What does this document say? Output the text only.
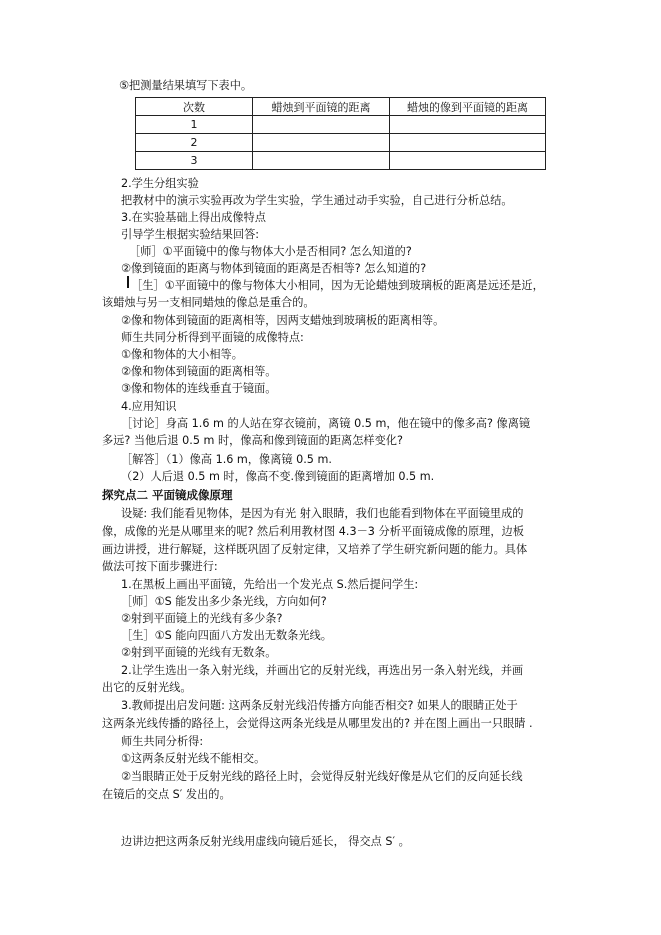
⑤把测量结果填写下表中。
次数	蜡烛到平面镜的距离	蜡烛的像到平面镜的距离
1		
2		
3		
2.学生分组实验
把教材中的演示实验再改为学生实验，学生通过动手实验，自己进行分析总结。
3.在实验基础上得出成像特点
引导学生根据实验结果回答:
［师］①平面镜中的像与物体大小是否相同? 怎么知道的?
②像到镜面的距离与物体到镜面的距离是否相等? 怎么知道的?
［生］①平面镜中的像与物体大小相同，因为无论蜡烛到玻璃板的距离是远还是近，
该蜡烛与另一支相同蜡烛的像总是重合的。
②像和物体到镜面的距离相等，因两支蜡烛到玻璃板的距离相等。
师生共同分析得到平面镜的成像特点:
①像和物体的大小相等。
②像和物体到镜面的距离相等。
③像和物体的连线垂直于镜面。
4.应用知识
［讨论］身高 1.6 m 的人站在穿衣镜前，离镜 0.5 m，他在镜中的像多高? 像离镜
多远? 当他后退 0.5 m 时，像高和像到镜面的距离怎样变化?
［解答］（1）像高 1.6 m，像离镜 0.5 m.
（2）人后退 0.5 m 时，像高不变.像到镜面的距离增加 0.5 m.
探究点二 平面镜成像原理
设疑: 我们能看见物体，是因为有光 射入眼睛，我们也能看到物体在平面镜里成的
像，成像的光是从哪里来的呢? 然后利用教材图 4.3－3 分析平面镜成像的原理，边板
画边讲授，进行解疑，这样既巩固了反射定律，又培养了学生研究新问题的能力。具体
做法可按下面步骤进行:
1.在黑板上画出平面镜，先给出一个发光点 S.然后提问学生:
［师］①S 能发出多少条光线，方向如何?
②射到平面镜上的光线有多少条?
［生］①S 能向四面八方发出无数条光线。
②射到平面镜的光线有无数条。
2.让学生选出一条入射光线，并画出它的反射光线，再选出另一条入射光线，并画
出它的反射光线。
3.教师提出启发问题: 这两条反射光线沿传播方向能否相交? 如果人的眼睛正处于
这两条光线传播的路径上，会觉得这两条光线是从哪里发出的? 并在图上画出一只眼睛 .
师生共同分析得:
①这两条反射光线不能相交。
②当眼睛正处于反射光线的路径上时，会觉得反射光线好像是从它们的反向延长线
在镜后的交点 S′ 发出的。
边讲边把这两条反射光线用虚线向镜后延长， 得交点 S′ 。
